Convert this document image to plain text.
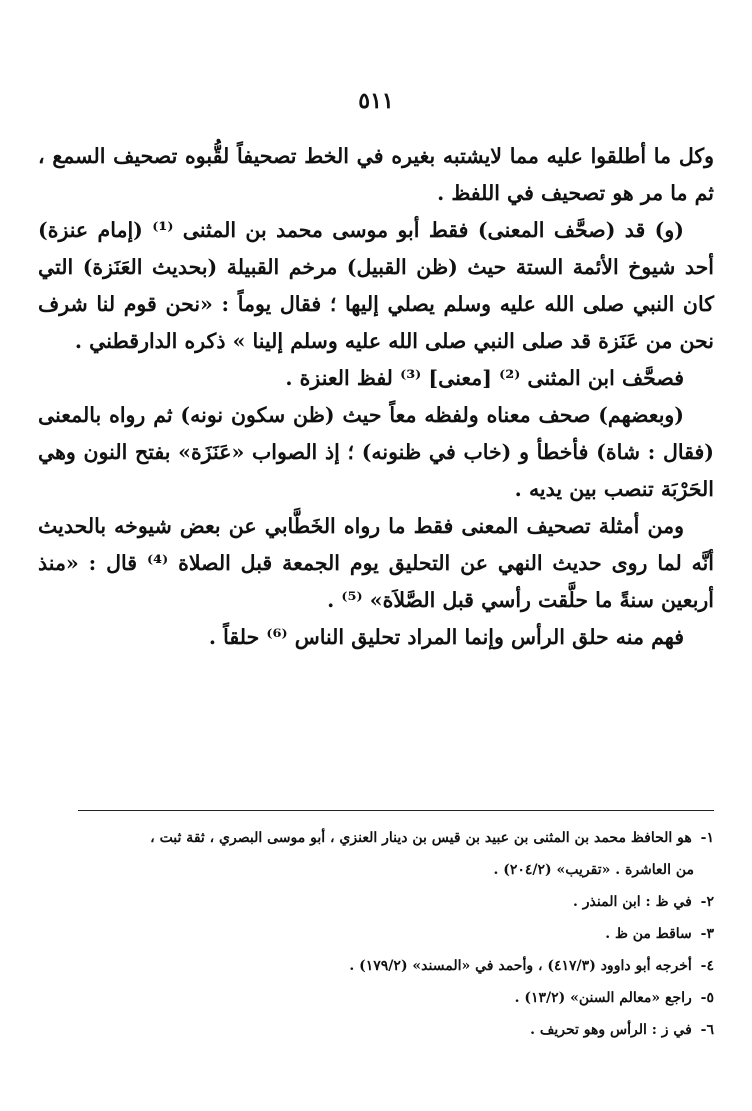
٥١١

وكل ما أطلقوا عليه مما لايشتبه بغيره في الخط تصحيفاً لقُّبوه تصحيف السمع ، ثم ما مر هو تصحيف في اللفظ .

(و) قد (صحَّف المعنى) فقط أبو موسى محمد بن المثنى ⁽¹⁾ (إمام عنزة) أحد شيوخ الأئمة الستة حيث (ظن القبيل) مرخم القبيلة (بحديث العَنَزة) التي كان النبي صلى الله عليه وسلم يصلي إليها ؛ فقال يوماً : «نحن قوم لنا شرف نحن من عَنَزة قد صلى النبي صلى الله عليه وسلم إلينا » ذكره الدارقطني .

فصحَّف ابن المثنى ⁽²⁾ [معنى] ⁽³⁾ لفظ العنزة .

(وبعضهم) صحف معناه ولفظه معاً حيث (ظن سكون نونه) ثم رواه بالمعنى (فقال : شاة) فأخطأ و (خاب في ظنونه) ؛ إذ الصواب «عَنَزَة» بفتح النون وهي الحَرْبَة تنصب بين يديه .

ومن أمثلة تصحيف المعنى فقط ما رواه الخَطَّابي عن بعض شيوخه بالحديث أنَّه لما روى حديث النهي عن التحليق يوم الجمعة قبل الصلاة ⁽⁴⁾ قال : «منذ أربعين سنةً ما حلَّقت رأسي قبل الصَّلاَة» ⁽⁵⁾ .

فهم منه حلق الرأس وإنما المراد تحليق الناس ⁽⁶⁾ حلقاً .

١- هو الحافظ محمد بن المثنى بن عبيد بن قيس بن دينار العنزي ، أبو موسى البصري ، ثقة ثبت ،

من العاشرة . «تقريب» (٢٠٤/٢) .

٢- في ظ : ابن المنذر .

٣- ساقط من ظ .

٤- أخرجه أبو داوود (٤١٧/٣) ، وأحمد في «المسند» (١٧٩/٢) .

٥- راجع «معالم السنن» (١٣/٢) .

٦- في ز : الرأس وهو تحريف .
